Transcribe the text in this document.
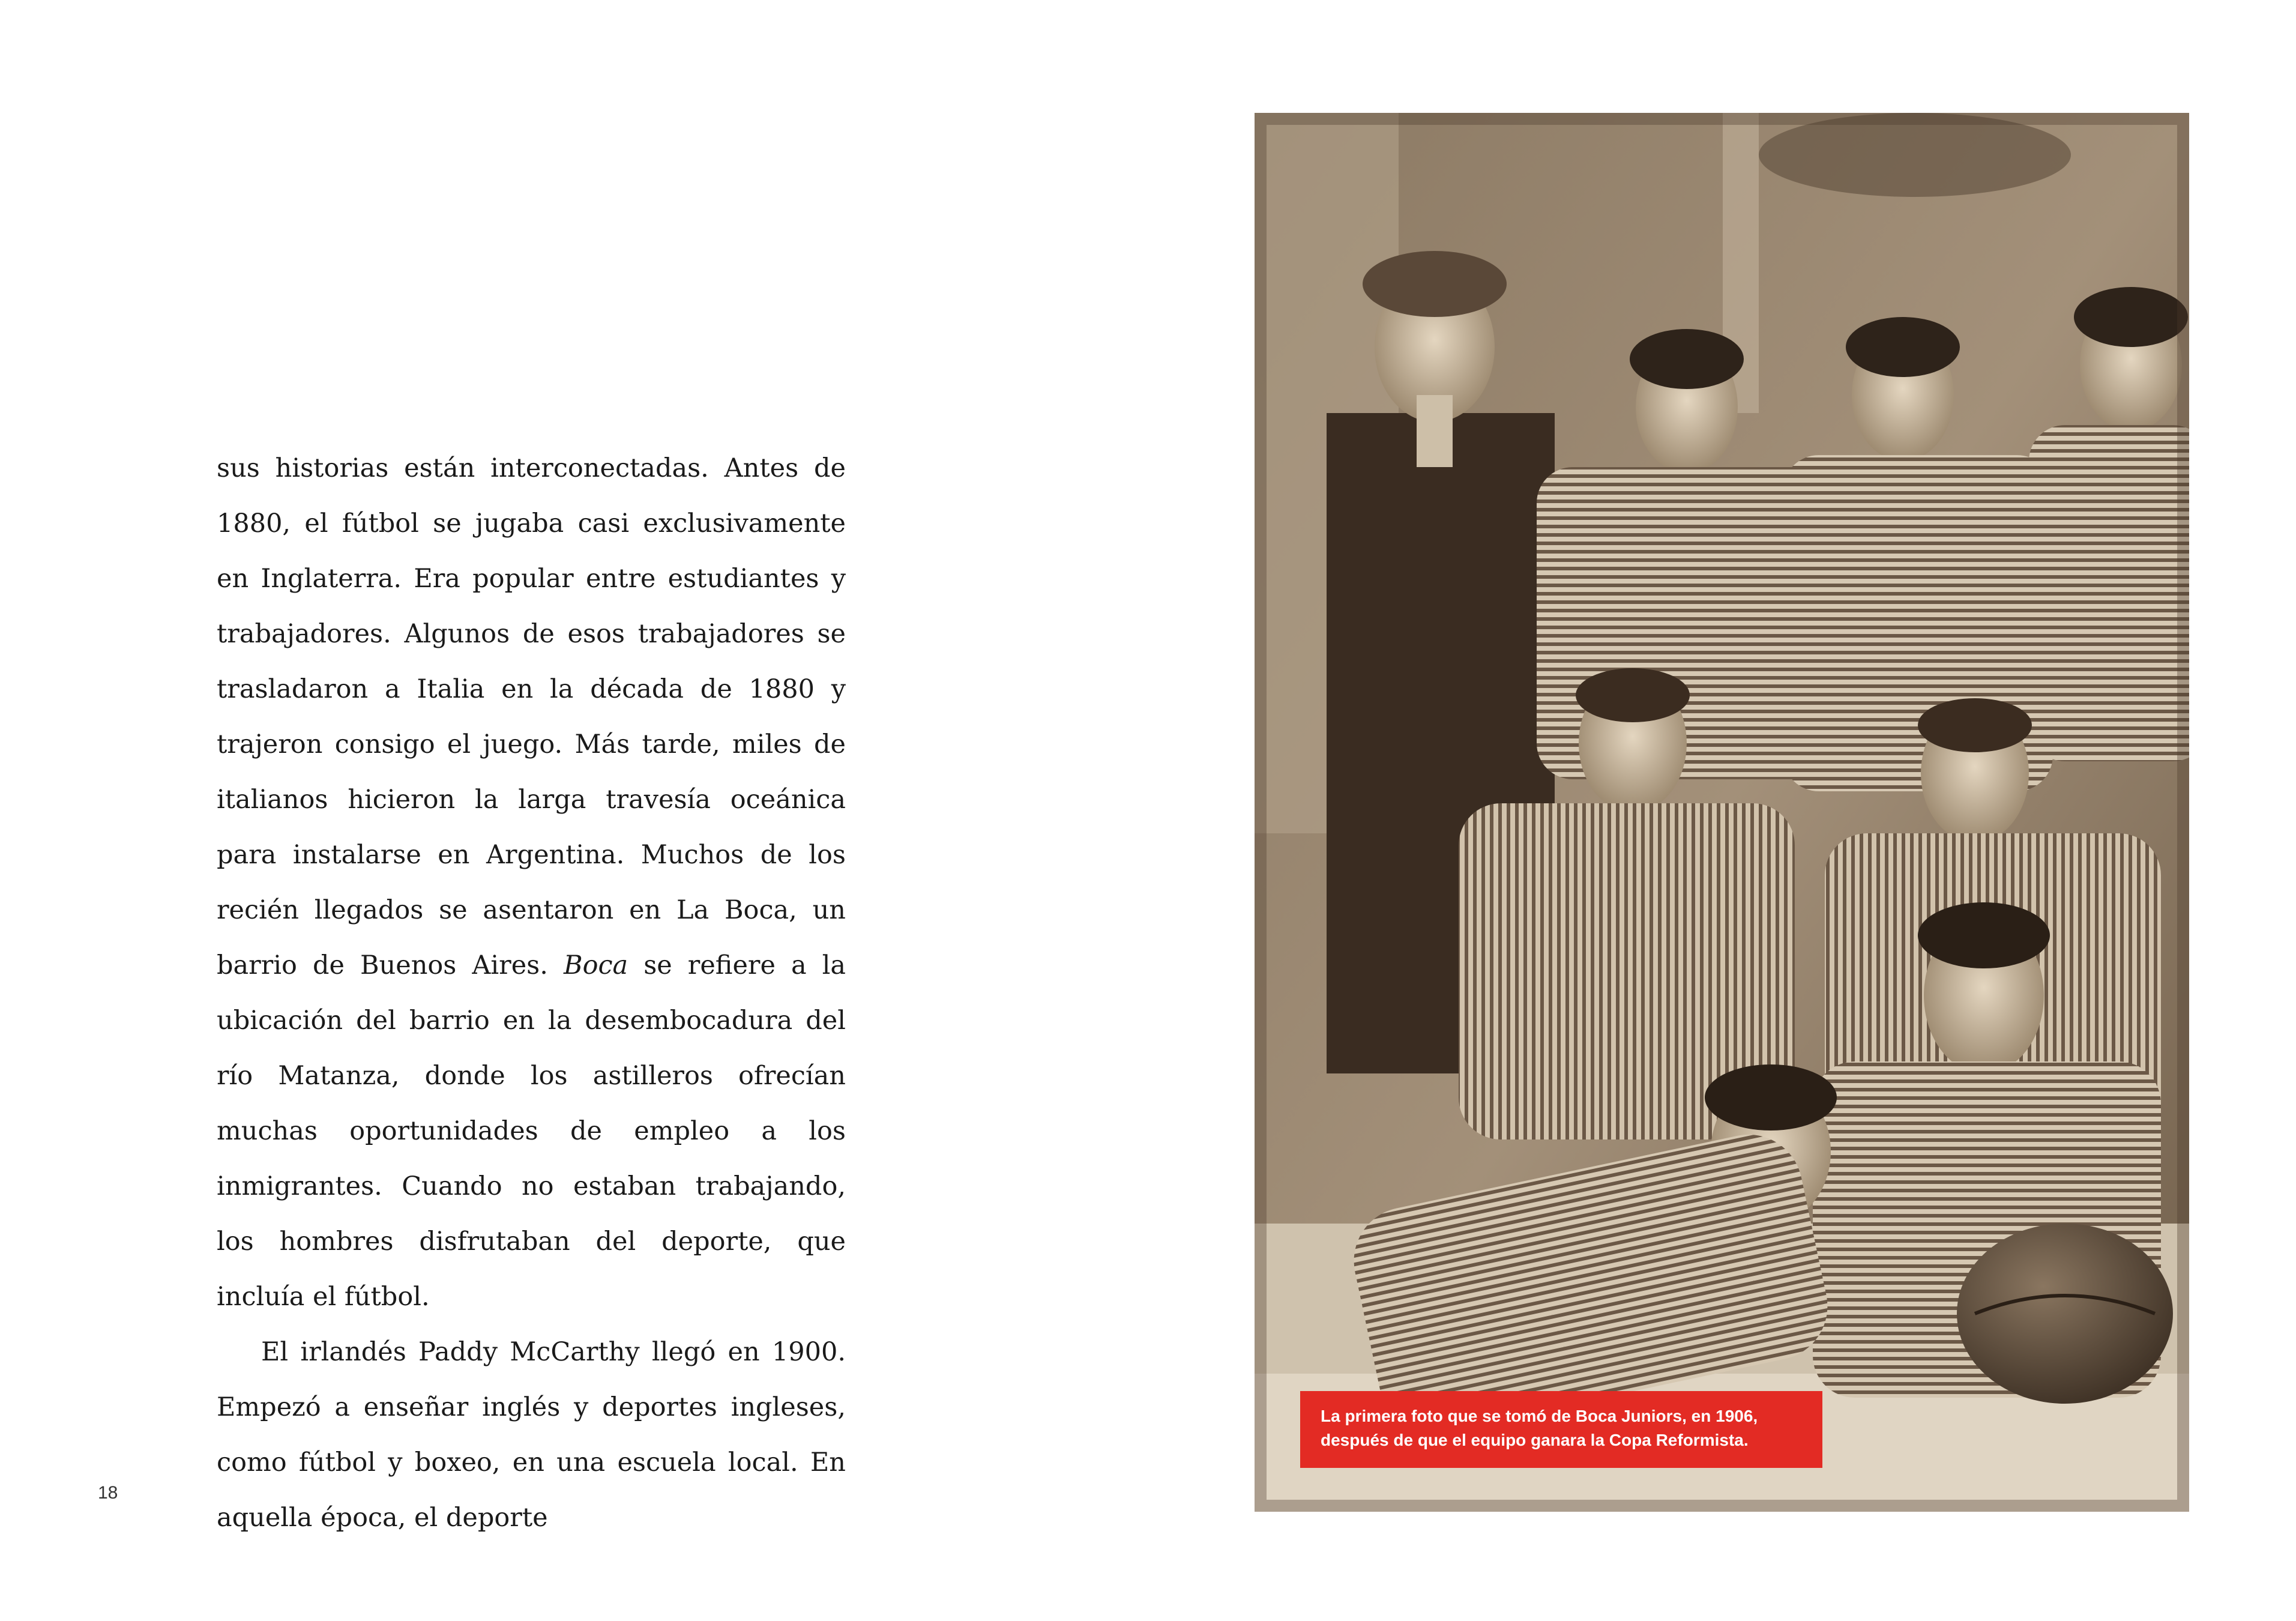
sus historias están interconectadas. Antes de 1880, el fútbol se jugaba casi exclusivamente en Inglaterra. Era popular entre estudiantes y trabajadores. Algunos de esos trabajadores se trasladaron a Italia en la década de 1880 y trajeron consigo el juego. Más tarde, miles de italianos hicieron la larga travesía oceánica para instalarse en Argentina. Muchos de los recién llegados se asentaron en La Boca, un barrio de Buenos Aires. Boca se refiere a la ubicación del barrio en la desembocadura del río Matanza, donde los astilleros ofrecían muchas oportunidades de empleo a los inmigrantes. Cuando no estaban trabajando, los hombres disfrutaban del deporte, que incluía el fútbol.

El irlandés Paddy McCarthy llegó en 1900. Empezó a enseñar inglés y deportes ingleses, como fútbol y boxeo, en una escuela local. En aquella época, el deporte

18
La primera foto que se tomó de Boca Juniors, en 1906,
después de que el equipo ganara la Copa Reformista.
